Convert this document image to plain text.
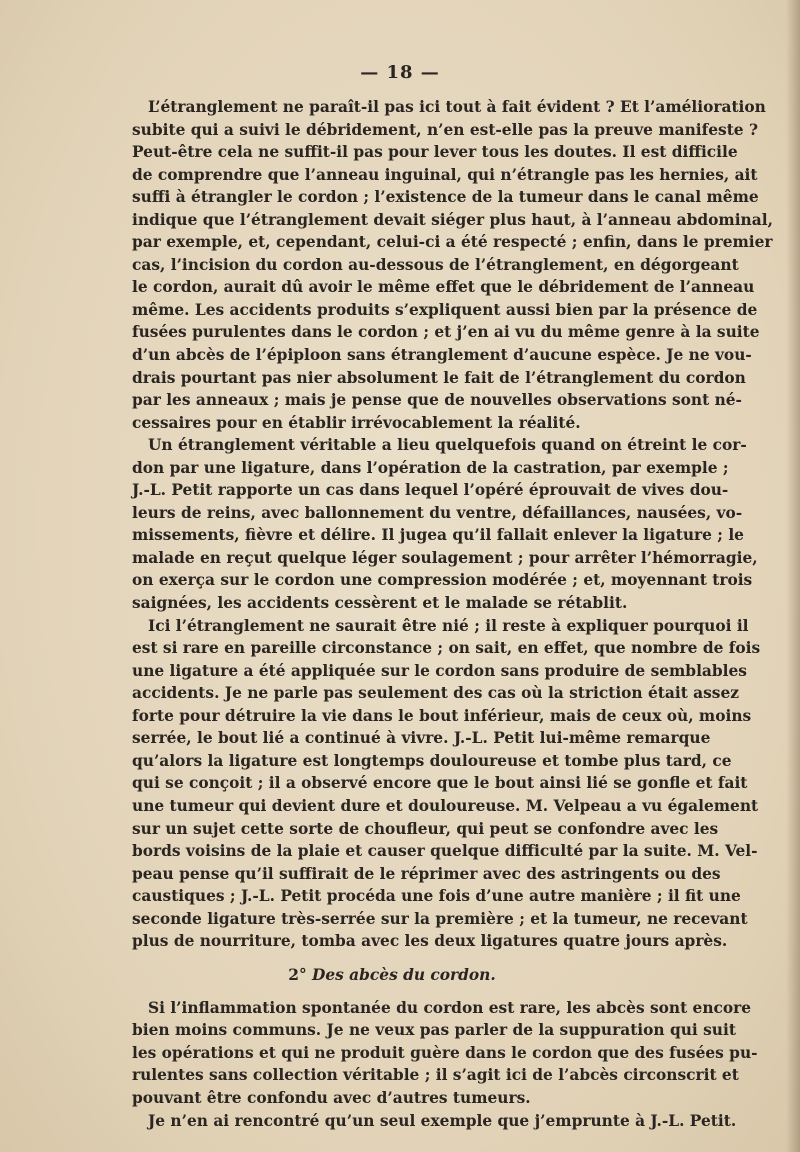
— 18 —
L’étranglement ne paraît-il pas ici tout à fait évident ? Et l’amélioration
subite qui a suivi le débridement, n’en est-elle pas la preuve manifeste ?
Peut-être cela ne suffit-il pas pour lever tous les doutes. Il est difficile
de comprendre que l’anneau inguinal, qui n’étrangle pas les hernies, ait
suffi à étrangler le cordon ; l’existence de la tumeur dans le canal même
indique que l’étranglement devait siéger plus haut, à l’anneau abdominal,
par exemple, et, cependant, celui-ci a été respecté ; enfin, dans le premier
cas, l’incision du cordon au-dessous de l’étranglement, en dégorgeant
le cordon, aurait dû avoir le même effet que le débridement de l’anneau
même. Les accidents produits s’expliquent aussi bien par la présence de
fusées purulentes dans le cordon ; et j’en ai vu du même genre à la suite
d’un abcès de l’épiploon sans étranglement d’aucune espèce. Je ne vou-
drais pourtant pas nier absolument le fait de l’étranglement du cordon
par les anneaux ; mais je pense que de nouvelles observations sont né-
cessaires pour en établir irrévocablement la réalité.
Un étranglement véritable a lieu quelquefois quand on étreint le cor-
don par une ligature, dans l’opération de la castration, par exemple ;
J.-L. Petit rapporte un cas dans lequel l’opéré éprouvait de vives dou-
leurs de reins, avec ballonnement du ventre, défaillances, nausées, vo-
missements, fièvre et délire. Il jugea qu’il fallait enlever la ligature ; le
malade en reçut quelque léger soulagement ; pour arrêter l’hémorragie,
on exerça sur le cordon une compression modérée ; et, moyennant trois
saignées, les accidents cessèrent et le malade se rétablit.
Ici l’étranglement ne saurait être nié ; il reste à expliquer pourquoi il
est si rare en pareille circonstance ; on sait, en effet, que nombre de fois
une ligature a été appliquée sur le cordon sans produire de semblables
accidents. Je ne parle pas seulement des cas où la striction était assez
forte pour détruire la vie dans le bout inférieur, mais de ceux où, moins
serrée, le bout lié a continué à vivre. J.-L. Petit lui-même remarque
qu’alors la ligature est longtemps douloureuse et tombe plus tard, ce
qui se conçoit ; il a observé encore que le bout ainsi lié se gonfle et fait
une tumeur qui devient dure et douloureuse. M. Velpeau a vu également
sur un sujet cette sorte de choufleur, qui peut se confondre avec les
bords voisins de la plaie et causer quelque difficulté par la suite. M. Vel-
peau pense qu’il suffirait de le réprimer avec des astringents ou des
caustiques ; J.-L. Petit procéda une fois d’une autre manière ; il fit une
seconde ligature très-serrée sur la première ; et la tumeur, ne recevant
plus de nourriture, tomba avec les deux ligatures quatre jours après.
2° Des abcès du cordon.
Si l’inflammation spontanée du cordon est rare, les abcès sont encore
bien moins communs. Je ne veux pas parler de la suppuration qui suit
les opérations et qui ne produit guère dans le cordon que des fusées pu-
rulentes sans collection véritable ; il s’agit ici de l’abcès circonscrit et
pouvant être confondu avec d’autres tumeurs.
Je n’en ai rencontré qu’un seul exemple que j’emprunte à J.-L. Petit.
